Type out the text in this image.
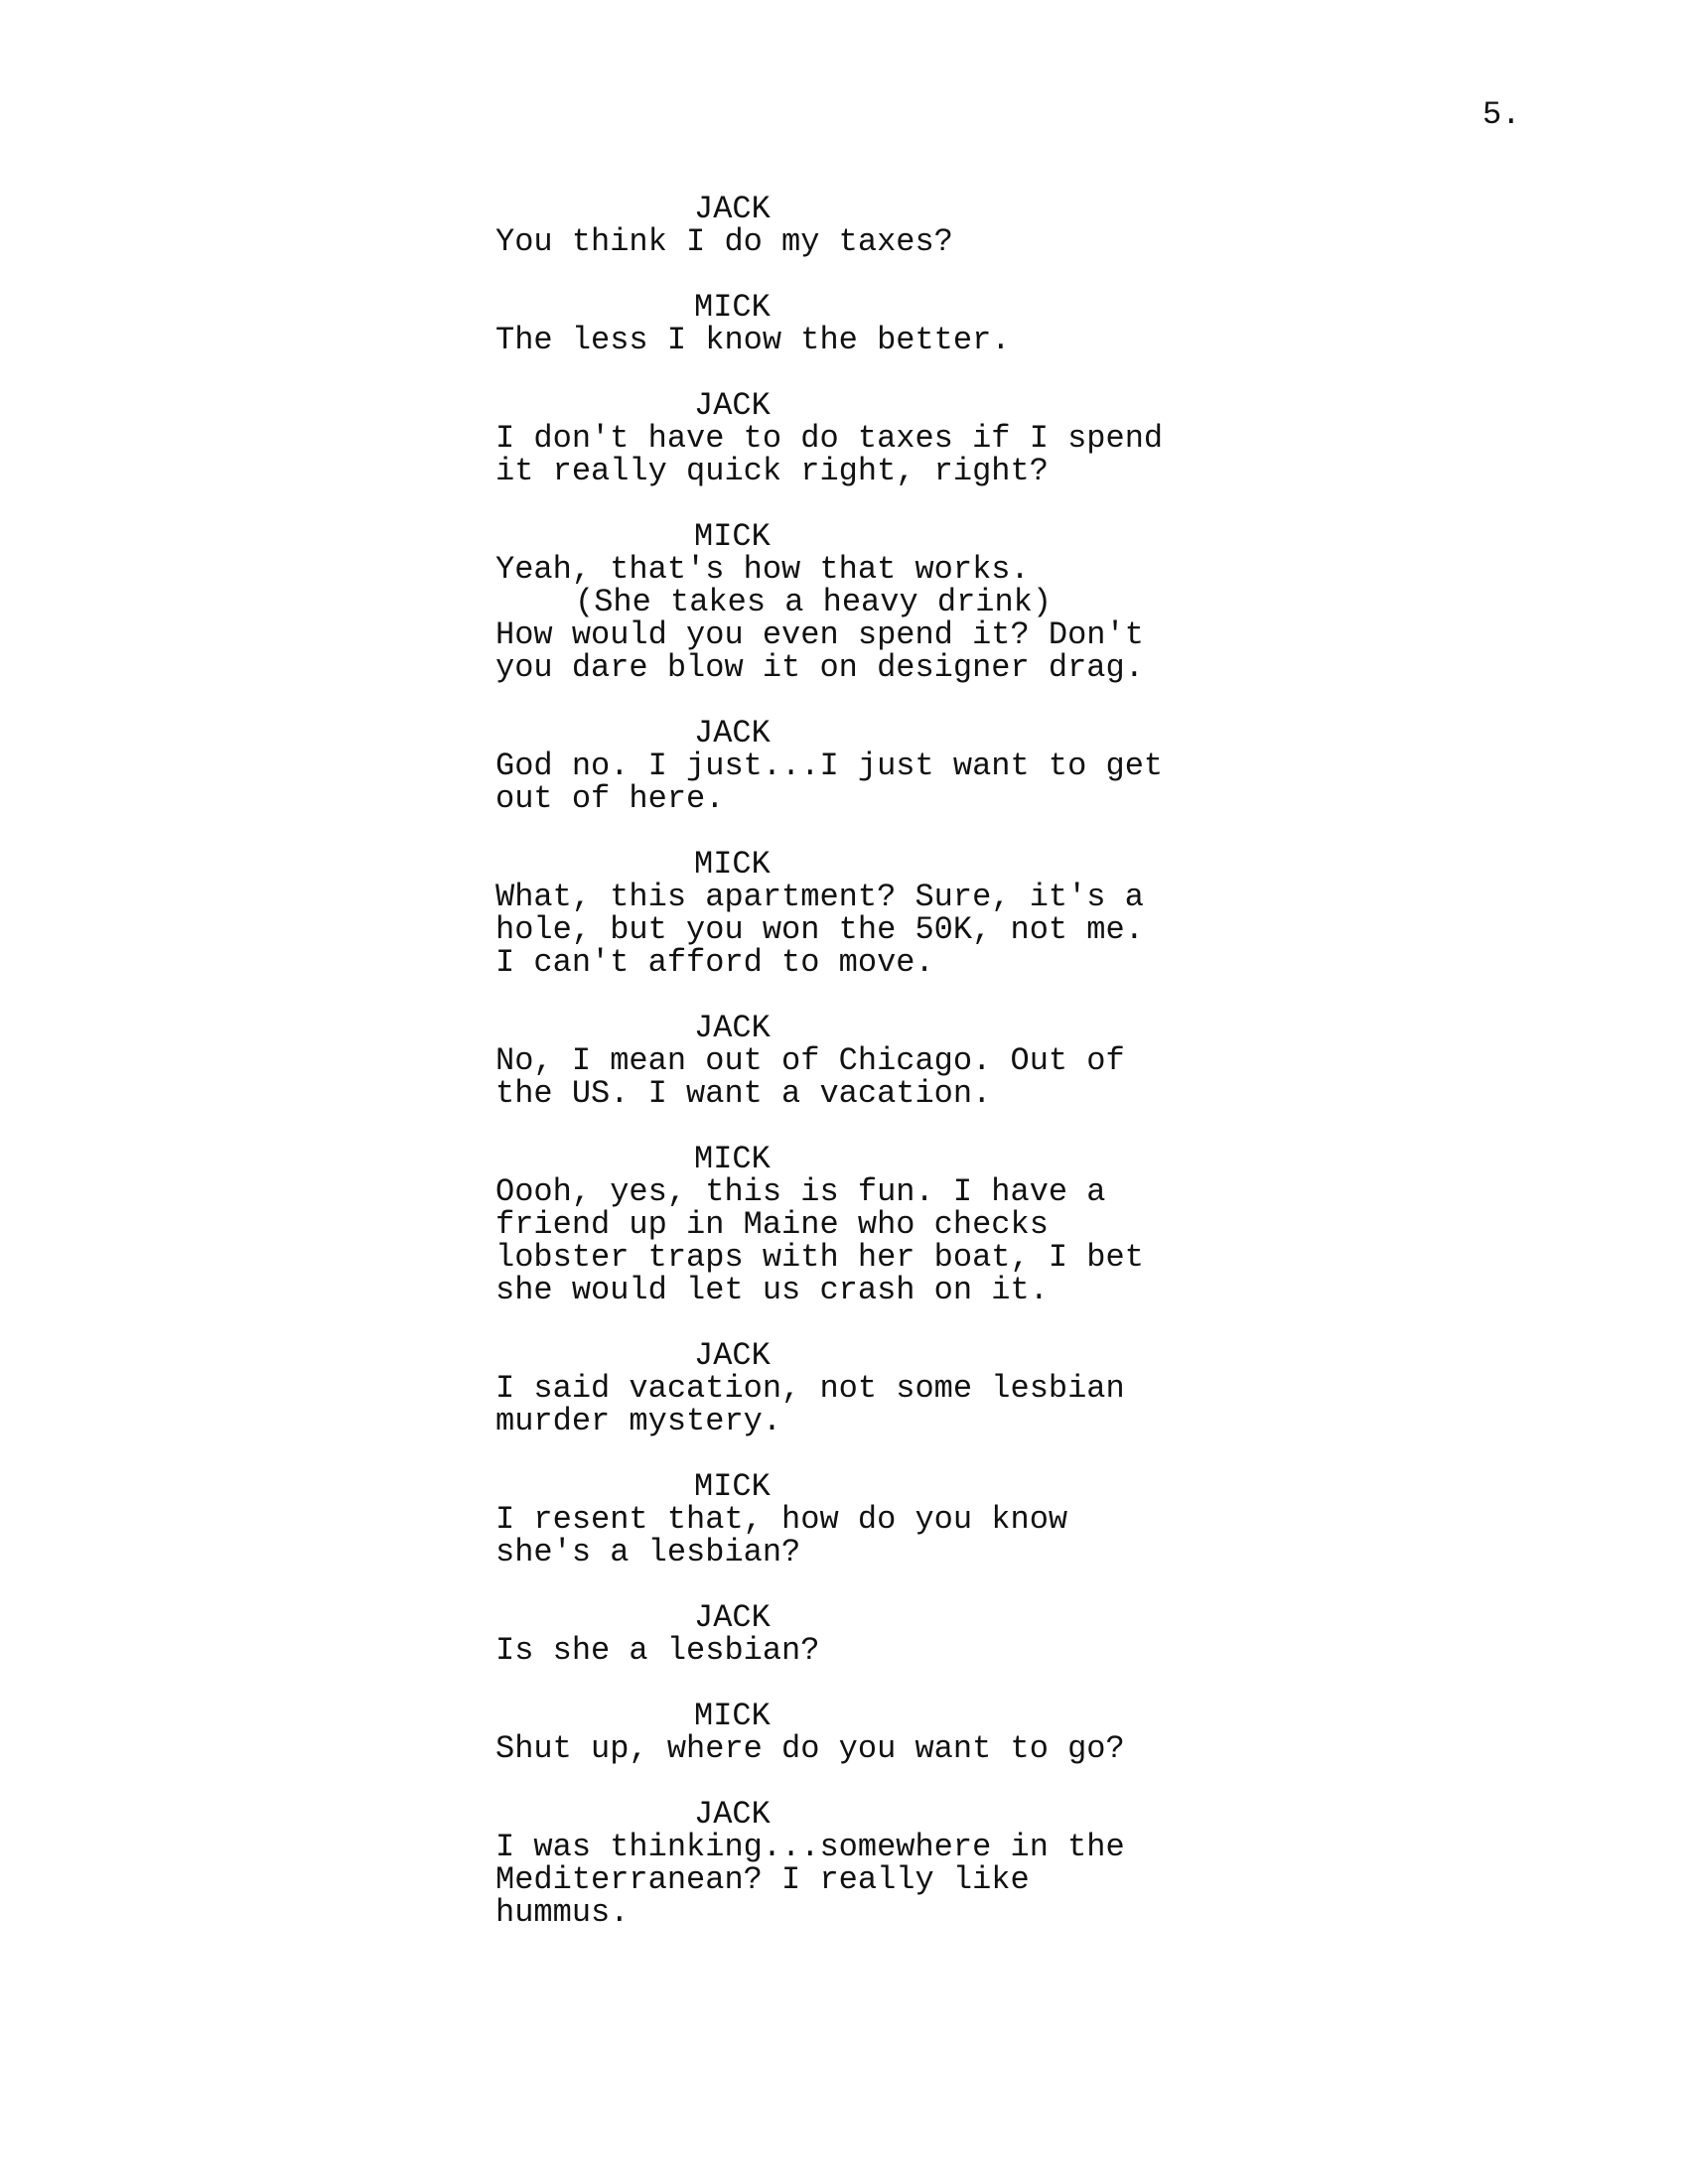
5.
JACK
You think I do my taxes?
MICK
The less I know the better.
JACK
I don't have to do taxes if I spend
it really quick right, right?
MICK
Yeah, that's how that works.
(She takes a heavy drink)
How would you even spend it? Don't
you dare blow it on designer drag.
JACK
God no. I just...I just want to get
out of here.
MICK
What, this apartment? Sure, it's a
hole, but you won the 50K, not me.
I can't afford to move.
JACK
No, I mean out of Chicago. Out of
the US. I want a vacation.
MICK
Oooh, yes, this is fun. I have a
friend up in Maine who checks
lobster traps with her boat, I bet
she would let us crash on it.
JACK
I said vacation, not some lesbian
murder mystery.
MICK
I resent that, how do you know
she's a lesbian?
JACK
Is she a lesbian?
MICK
Shut up, where do you want to go?
JACK
I was thinking...somewhere in the
Mediterranean? I really like
hummus.
